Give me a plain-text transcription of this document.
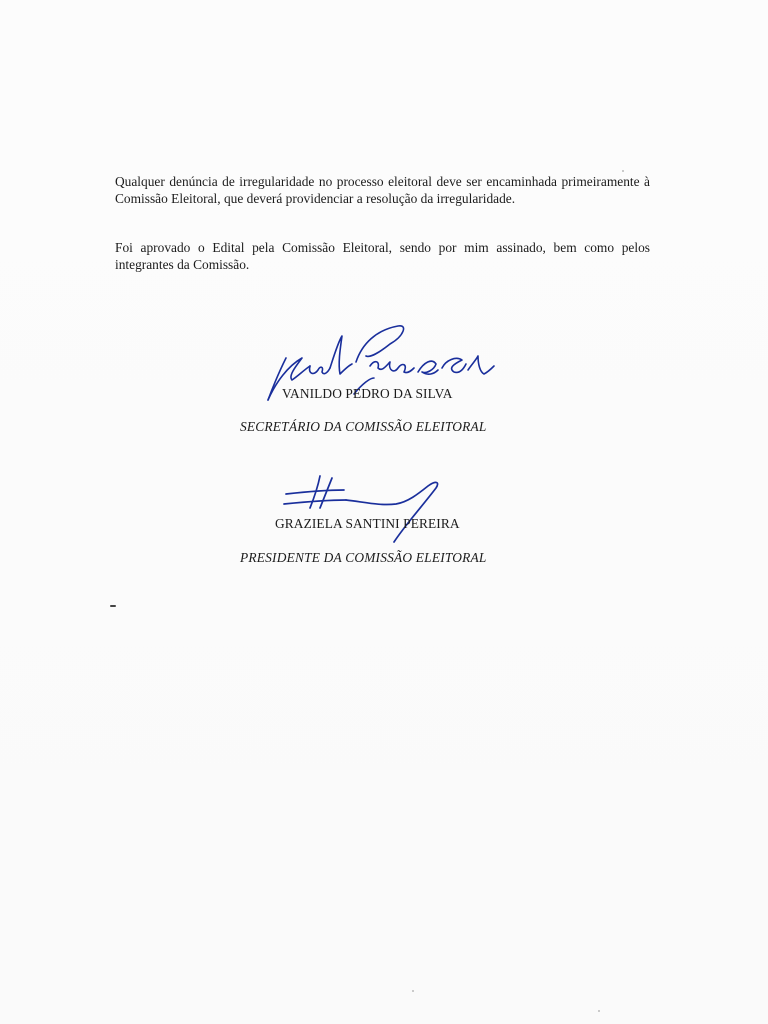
Qualquer denúncia de irregularidade no processo eleitoral deve ser encaminhada primeiramente à Comissão Eleitoral, que deverá providenciar a resolução da irregularidade.

Foi aprovado o Edital pela Comissão Eleitoral, sendo por mim assinado, bem como pelos integrantes da Comissão.

VANILDO PEDRO DA SILVA
SECRETÁRIO DA COMISSÃO ELEITORAL
GRAZIELA SANTINI PEREIRA
PRESIDENTE DA COMISSÃO ELEITORAL
